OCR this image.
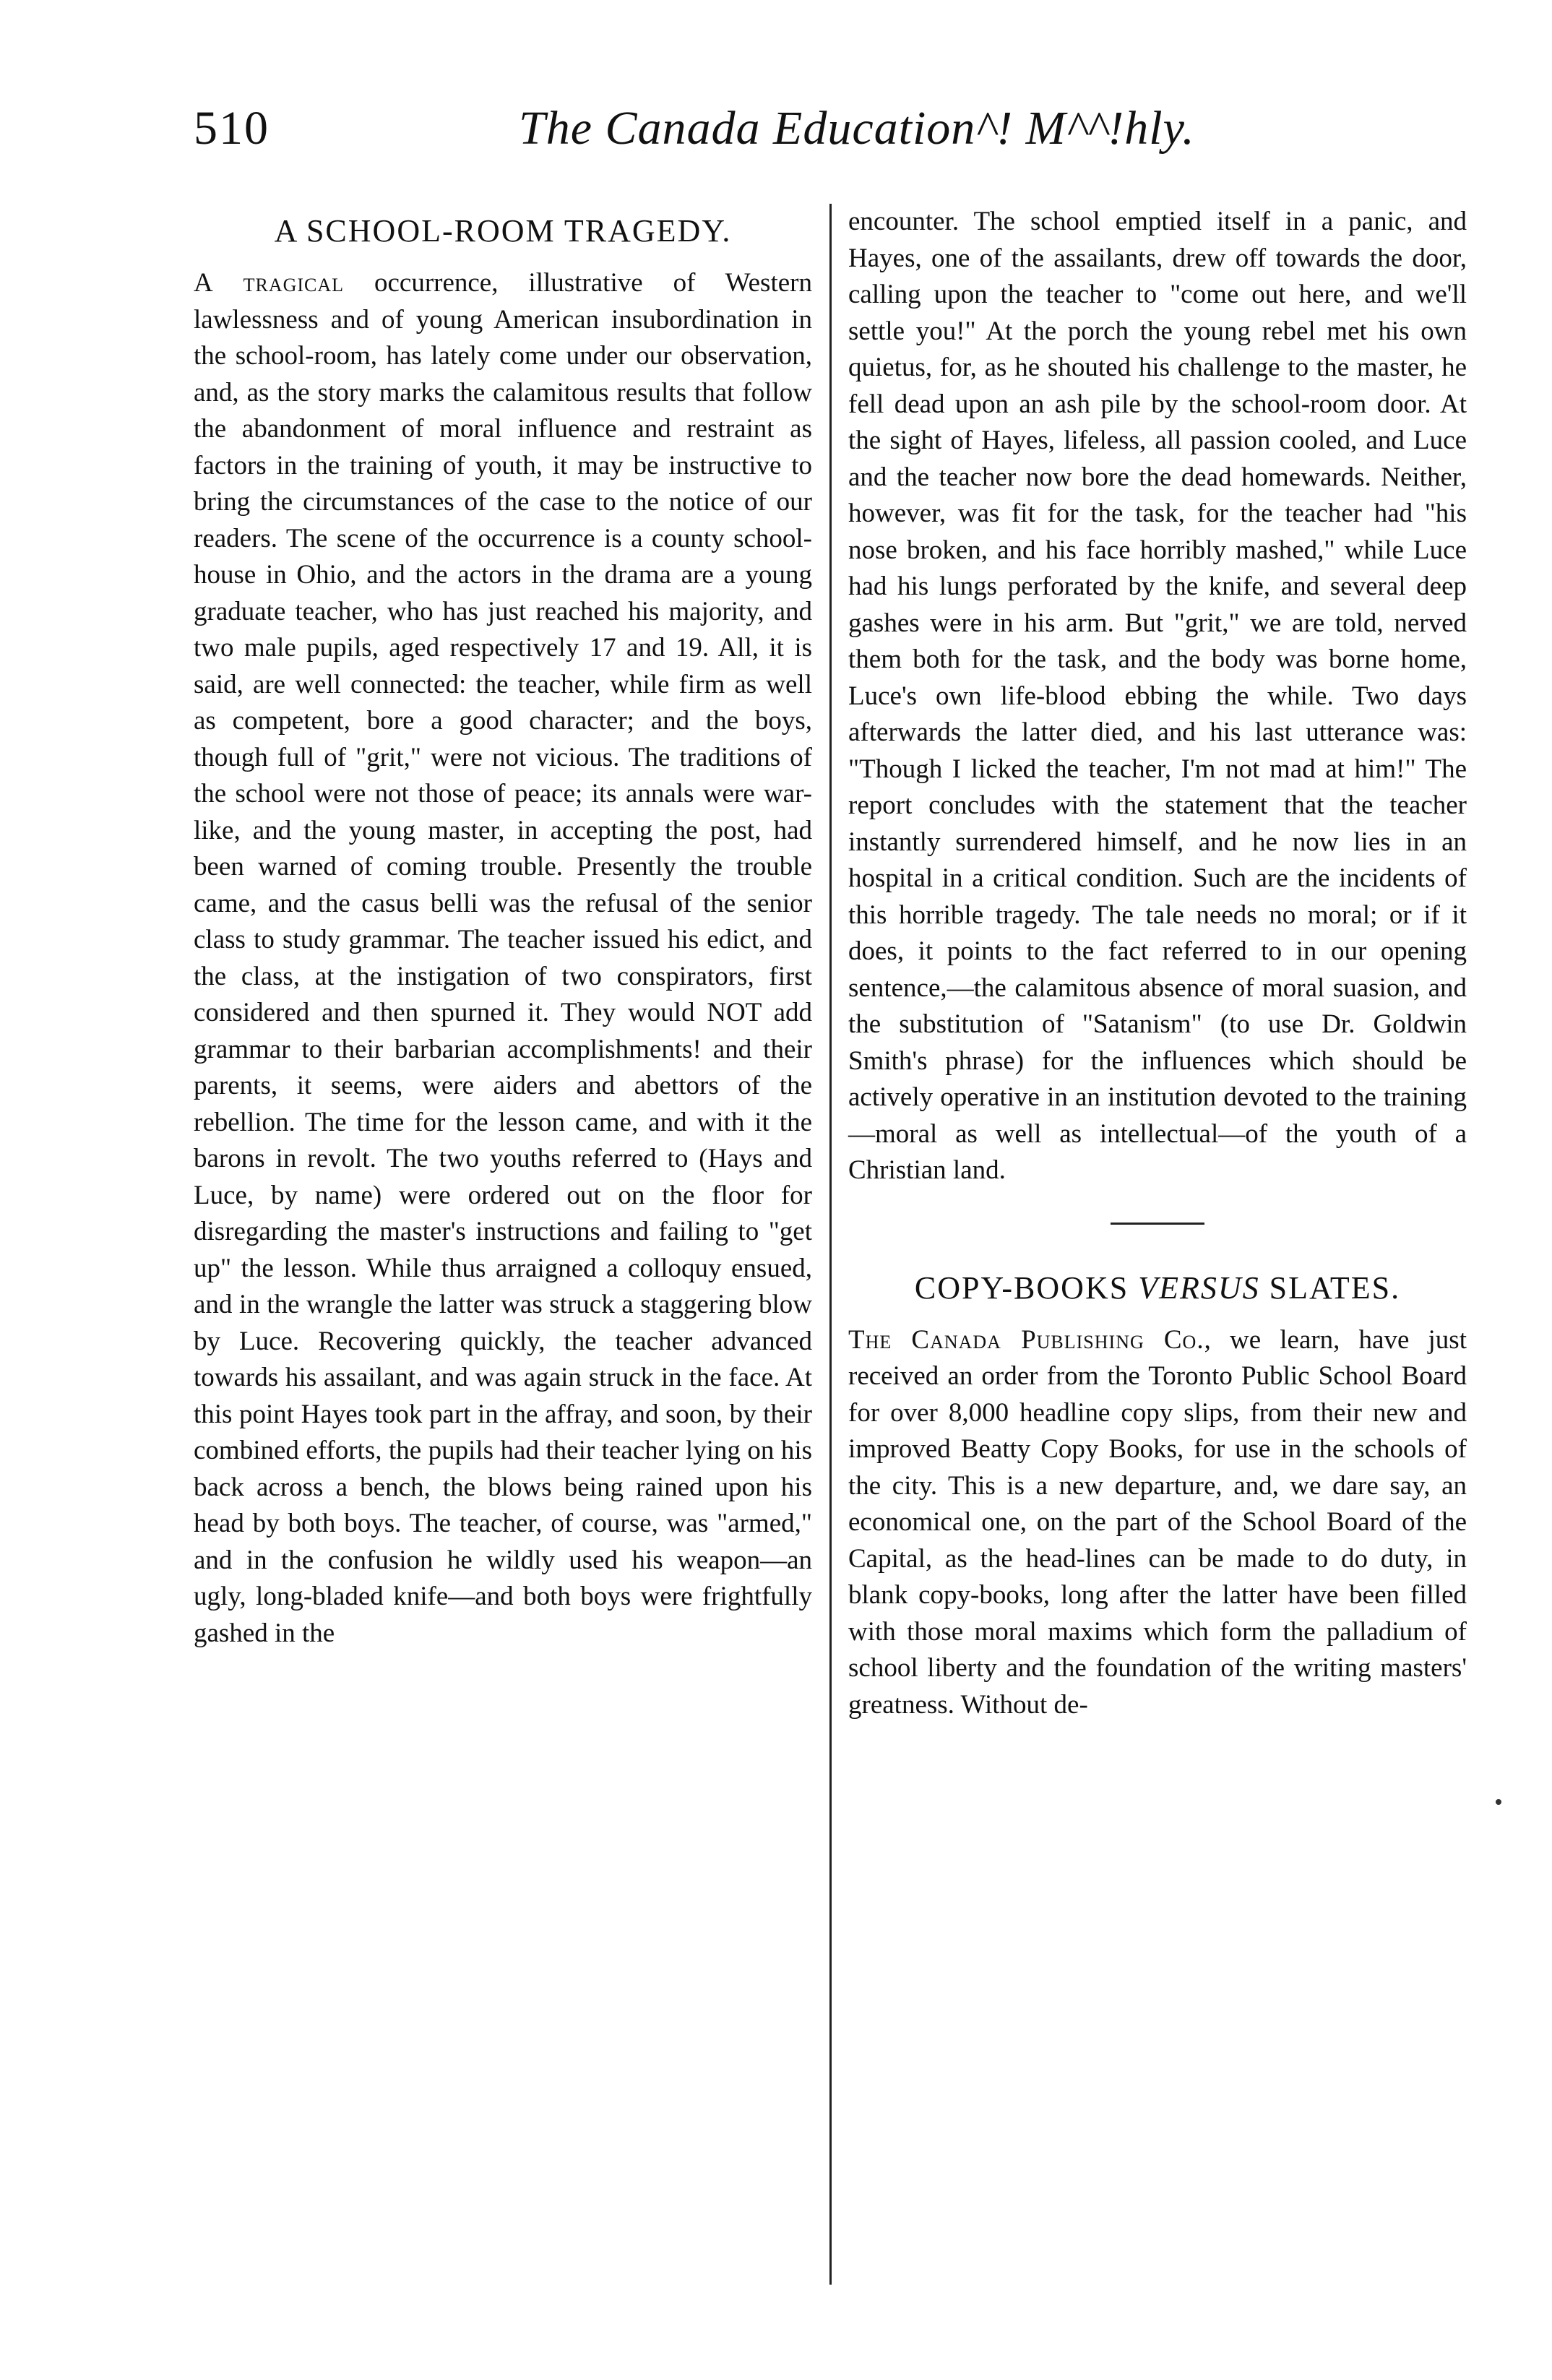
510	The Canada Education^! M^^!hly.
A SCHOOL-ROOM TRAGEDY.

A tragical occurrence, illustrative of Western lawlessness and of young American insubordination in the school-room, has lately come under our observation, and, as the story marks the calamitous results that follow the abandonment of moral influence and restraint as factors in the training of youth, it may be instructive to bring the circumstances of the case to the notice of our readers. The scene of the occurrence is a county school-house in Ohio, and the actors in the drama are a young graduate teacher, who has just reached his majority, and two male pupils, aged respectively 17 and 19. All, it is said, are well connected: the teacher, while firm as well as competent, bore a good character; and the boys, though full of "grit," were not vicious. The traditions of the school were not those of peace; its annals were war-like, and the young master, in accepting the post, had been warned of coming trouble. Presently the trouble came, and the casus belli was the refusal of the senior class to study grammar. The teacher issued his edict, and the class, at the instigation of two conspirators, first considered and then spurned it. They would NOT add grammar to their barbarian accomplishments! and their parents, it seems, were aiders and abettors of the rebellion. The time for the lesson came, and with it the barons in revolt. The two youths referred to (Hays and Luce, by name) were ordered out on the floor for disregarding the master's instructions and failing to "get up" the lesson. While thus arraigned a colloquy ensued, and in the wrangle the latter was struck a staggering blow by Luce. Recovering quickly, the teacher advanced towards his assailant, and was again struck in the face. At this point Hayes took part in the affray, and soon, by their combined efforts, the pupils had their teacher lying on his back across a bench, the blows being rained upon his head by both boys. The teacher, of course, was "armed," and in the confusion he wildly used his weapon—an ugly, long-bladed knife—and both boys were frightfully gashed in the

encounter. The school emptied itself in a panic, and Hayes, one of the assailants, drew off towards the door, calling upon the teacher to "come out here, and we'll settle you!" At the porch the young rebel met his own quietus, for, as he shouted his challenge to the master, he fell dead upon an ash pile by the school-room door. At the sight of Hayes, lifeless, all passion cooled, and Luce and the teacher now bore the dead homewards. Neither, however, was fit for the task, for the teacher had "his nose broken, and his face horribly mashed," while Luce had his lungs perforated by the knife, and several deep gashes were in his arm. But "grit," we are told, nerved them both for the task, and the body was borne home, Luce's own life-blood ebbing the while. Two days afterwards the latter died, and his last utterance was: "Though I licked the teacher, I'm not mad at him!" The report concludes with the statement that the teacher instantly surrendered himself, and he now lies in an hospital in a critical condition. Such are the incidents of this horrible tragedy. The tale needs no moral; or if it does, it points to the fact referred to in our opening sentence,—the calamitous absence of moral suasion, and the substitution of "Satanism" (to use Dr. Goldwin Smith's phrase) for the influences which should be actively operative in an institution devoted to the training—moral as well as intellectual—of the youth of a Christian land.

COPY-BOOKS VERSUS SLATES.

The Canada Publishing Co., we learn, have just received an order from the Toronto Public School Board for over 8,000 headline copy slips, from their new and improved Beatty Copy Books, for use in the schools of the city. This is a new departure, and, we dare say, an economical one, on the part of the School Board of the Capital, as the head-lines can be made to do duty, in blank copy-books, long after the latter have been filled with those moral maxims which form the palladium of school liberty and the foundation of the writing masters' greatness. Without de-
